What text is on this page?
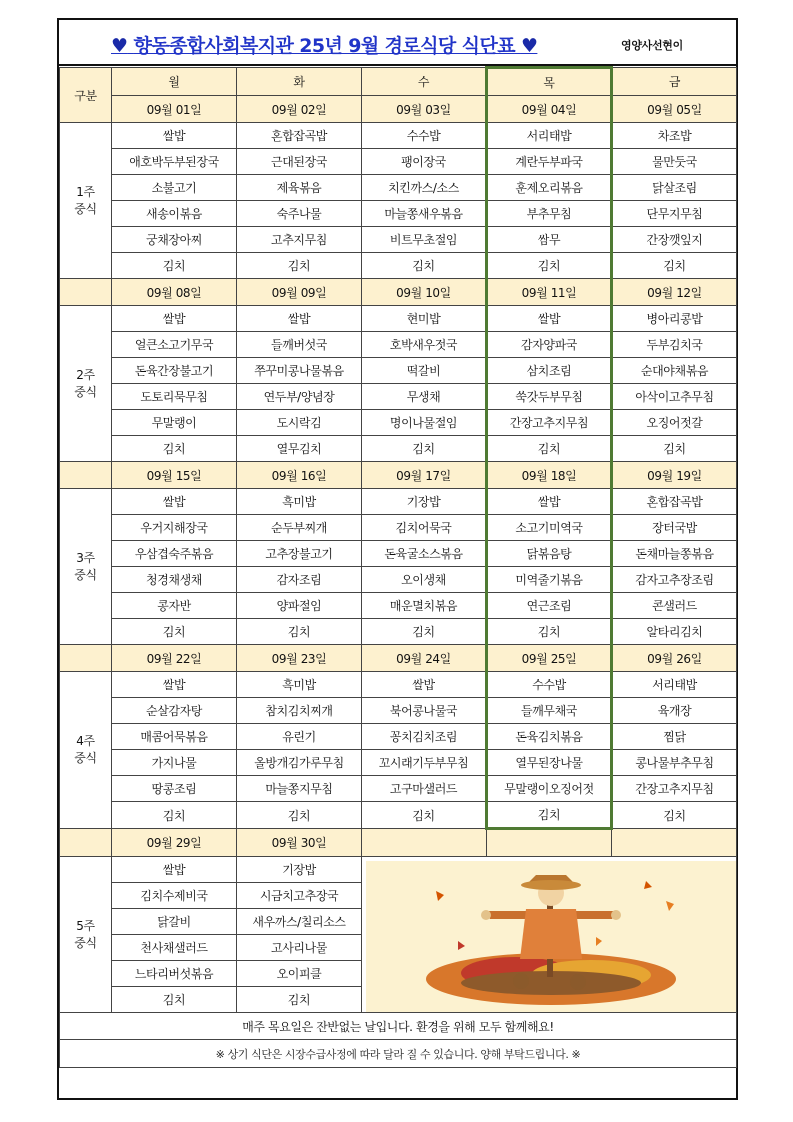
♥ 향동종합사회복지관 25년 9월 경로식당 식단표 ♥	영양사선현이
구분	월	화	수	목	금
	09월 01일	09월 02일	09월 03일	09월 04일	09월 05일

1주
중식	쌀밥	혼합잡곡밥	수수밥	서리태밥	차조밥
	애호박두부된장국	근대된장국	팽이장국	계란두부파국	물만둣국
	소불고기	제육볶음	치킨까스/소스	훈제오리볶음	닭살조림
	새송이볶음	숙주나물	마늘쫑새우볶음	부추무침	단무지무침
	궁채장아찌	고추지무침	비트무초절임	쌈무	간장깻잎지
	김치	김치	김치	김치	김치
	09월 08일	09월 09일	09월 10일	09월 11일	09월 12일

2주
중식	쌀밥	쌀밥	현미밥	쌀밥	병아리콩밥
	얼큰소고기무국	들깨버섯국	호박새우젓국	감자양파국	두부김치국
	돈육간장불고기	쭈꾸미콩나물볶음	떡갈비	삼치조림	순대야채볶음
	도토리묵무침	연두부/양념장	무생채	쑥갓두부무침	아삭이고추무침
	무말랭이	도시락김	명이나물절임	간장고추지무침	오징어젓갈
	김치	열무김치	김치	김치	김치
	09월 15일	09월 16일	09월 17일	09월 18일	09월 19일

3주
중식	쌀밥	흑미밥	기장밥	쌀밥	혼합잡곡밥
	우거지해장국	순두부찌개	김치어묵국	소고기미역국	장터국밥
	우삼겹숙주볶음	고추장불고기	돈육굴소스볶음	닭볶음탕	돈채마늘쫑볶음
	청경채생채	감자조림	오이생채	미역줄기볶음	감자고추장조림
	콩자반	양파절임	매운멸치볶음	연근조림	콘샐러드
	김치	김치	김치	김치	알타리김치
	09월 22일	09월 23일	09월 24일	09월 25일	09월 26일

4주
중식	쌀밥	흑미밥	쌀밥	수수밥	서리태밥
	순살감자탕	참치김치찌개	북어콩나물국	들깨무채국	육개장
	매콤어묵볶음	유린기	꽁치김치조림	돈육김치볶음	찜닭
	가지나물	올방개김가루무침	꼬시래기두부무침	열무된장나물	콩나물부추무침
	땅콩조림	마늘쫑지무침	고구마샐러드	무말랭이오징어젓	간장고추지무침
	김치	김치	김치	김치	김치
	09월 29일	09월 30일			

5주
중식	쌀밥	기장밥	

	김치수제비국	시금치고추장국			
	닭갈비	새우까스/칠리소스			
	천사채샐러드	고사리나물			
	느타리버섯볶음	오이피클			
	김치	김치			
매주 목요일은 잔반없는 날입니다. 환경을 위해 모두 함께해요!					
※ 상기 식단은 시장수급사정에 따라 달라 질 수 있습니다. 양해 부탁드립니다. ※					
